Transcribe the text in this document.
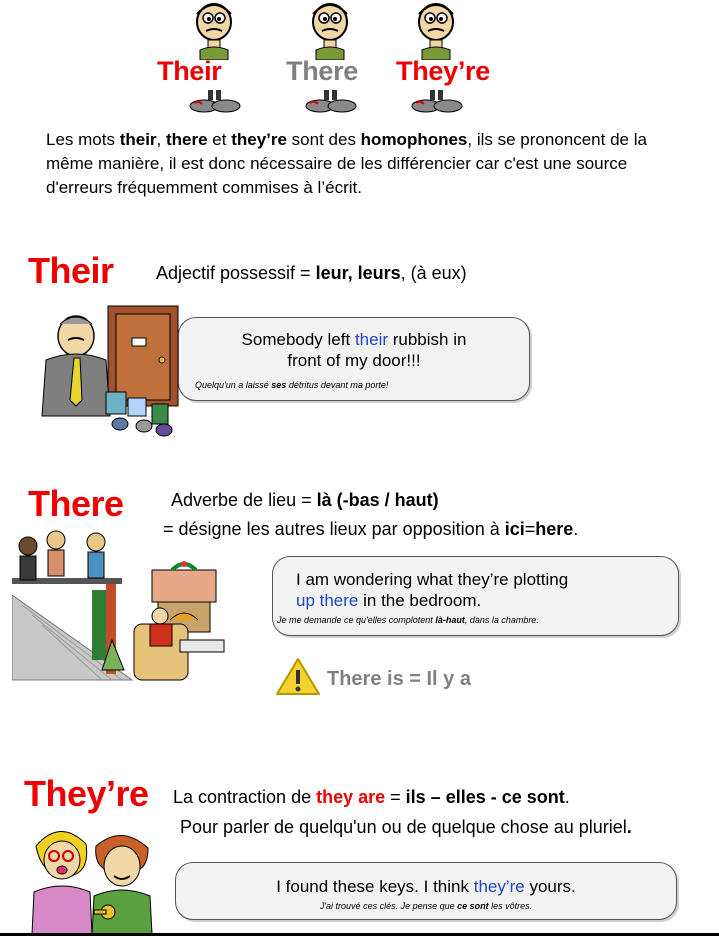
Their There They’re
Les mots their, there et they’re sont des homophones, ils se prononcent de la même manière, il est donc nécessaire de les différencier car c'est une source d'erreurs fréquemment commises à l’écrit.
Their Adjectif possessif = leur, leurs, (à eux)
Somebody left their rubbish in
front of my door!!!
Quelqu'un a laissé ses détritus devant ma porte!
There	Adverbe de lieu = là (-bas / haut)
= désigne les autres lieux par opposition à ici=here.
I am wondering what they’re plotting
up there in the bedroom.
Je me demande ce qu'elles complotent là-haut, dans la chambre.
There is = Il y a
They’re La contraction de they are = ils – elles - ce sont.
Pour parler de quelqu'un ou de quelque chose au pluriel.
I found these keys. I think they’re yours.
J'ai trouvé ces clés. Je pense que ce sont les vôtres.
